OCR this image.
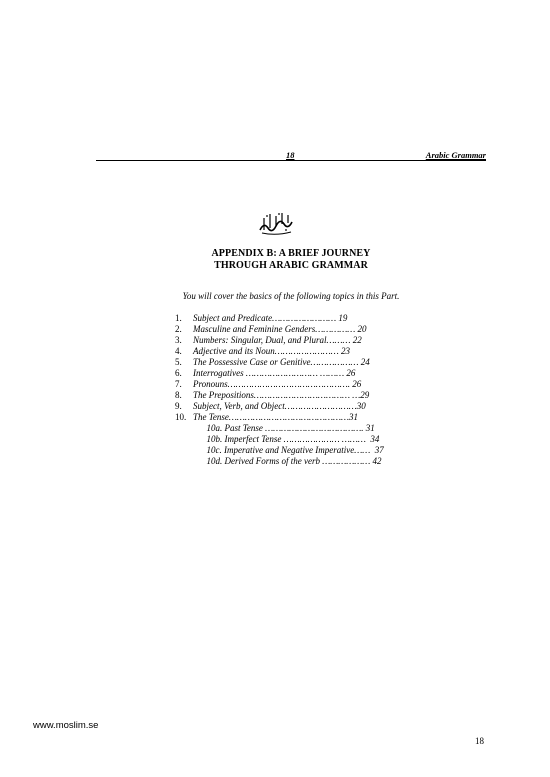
18	Arabic Grammar
APPENDIX B: A BRIEF JOURNEY
THROUGH ARABIC GRAMMAR
You will cover the basics of the following topics in this Part.
1. Subject and Predicate…………………… 19
2. Masculine and Feminine Genders…………… 20
3. Numbers: Singular, Dual, and Plural……… 22
4. Adjective and its Noun…………………… 23
5. The Possessive Case or Genitive……………… 24
6. Interrogatives ……………………… ……… 26
7. Pronouns………………………………………. 26
8. The Prepositions……………………………… …29
9. Subject, Verb, and Object………………………30
10. The Tense………………………………………31
10a. Past Tense ………………………………. 31
10b. Imperfect Tense ………………… ………  34
10c. Imperative and Negative Imperative……  37
10d. Derived Forms of the verb ……………… 42
www.moslim.se
18
